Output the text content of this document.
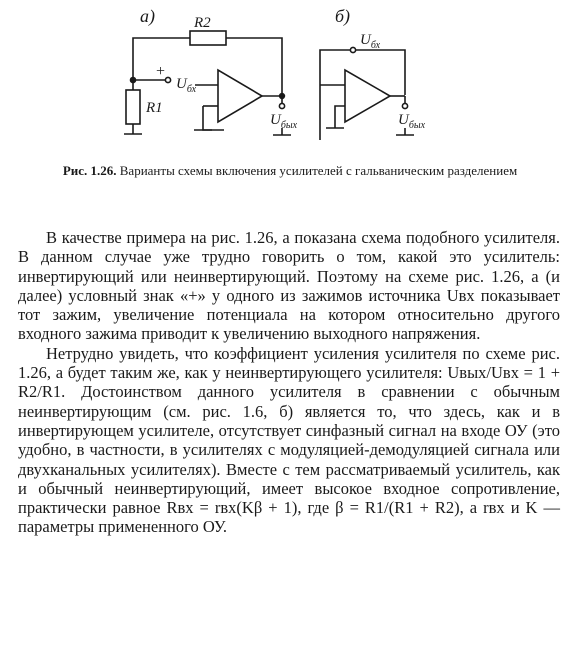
а)	R2
R1
+
$U_{бх}$
$U_{бых}$
б)
$U_{бх}$
$U_{бых}$
Рис. 1.26. Варианты схемы включения усилителей с гальваническим разделением

В качестве примера на рис. 1.26, а показана схема подобного усилителя. В данном случае уже трудно говорить о том, какой это усилитель: инвертирующий или неинвертирующий. Поэтому на схеме рис. 1.26, а (и далее) условный знак «+» у одного из зажимов источника Uвх показывает тот зажим, увеличение потенциала на котором относительно другого входного зажима приводит к увеличению выходного напряжения.

Нетрудно увидеть, что коэффициент усиления усилителя по схеме рис. 1.26, а будет таким же, как у неинвертирующего усилителя: Uвых/Uвх = 1 + R2/R1. Достоинством данного усилителя в сравнении с обычным неинвертирующим (см. рис. 1.6, б) является то, что здесь, как и в инвертирующем усилителе, отсутствует синфазный сигнал на входе ОУ (это удобно, в частности, в усилителях с модуляцией-демодуляцией сигнала или двухканальных усилителях). Вместе с тем рассматриваемый усилитель, как и обычный неинвертирующий, имеет высокое входное сопротивление, практически равное Rвх = rвх(Kβ + 1), где β = R1/(R1 + R2), а rвх и K — параметры примененного ОУ.
